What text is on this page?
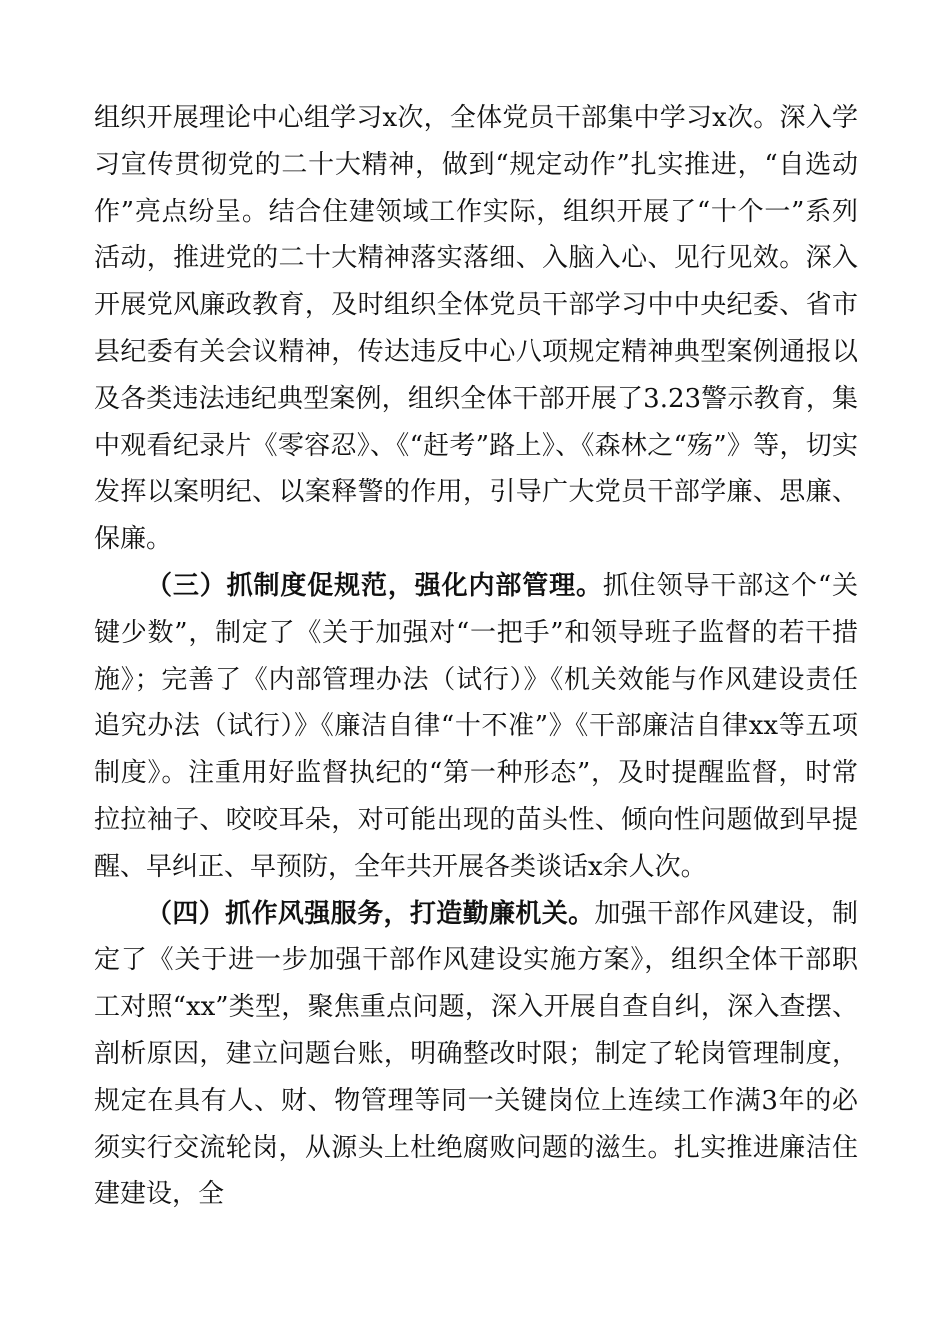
组织开展理论中心组学习x次，全体党员干部集中学习x次。深入学习宣传贯彻党的二十大精神，做到“规定动作”扎实推进，“自选动作”亮点纷呈。结合住建领域工作实际，组织开展了“十个一”系列活动，推进党的二十大精神落实落细、入脑入心、见行见效。深入开展党风廉政教育，及时组织全体党员干部学习中中央纪委、省市县纪委有关会议精神，传达违反中心八项规定精神典型案例通报以及各类违法违纪典型案例，组织全体干部开展了3.23警示教育，集中观看纪录片《零容忍》、《“赶考”路上》、《森林之“殇”》等，切实发挥以案明纪、以案释警的作用，引导广大党员干部学廉、思廉、保廉。

（三）抓制度促规范，强化内部管理。抓住领导干部这个“关键少数”，制定了《关于加强对“一把手”和领导班子监督的若干措施》；完善了《内部管理办法（试行）》《机关效能与作风建设责任追究办法（试行）》《廉洁自律“十不准”》《干部廉洁自律xx等五项制度》。注重用好监督执纪的“第一种形态”，及时提醒监督，时常拉拉袖子、咬咬耳朵，对可能出现的苗头性、倾向性问题做到早提醒、早纠正、早预防，全年共开展各类谈话x余人次。

（四）抓作风强服务，打造勤廉机关。加强干部作风建设，制定了《关于进一步加强干部作风建设实施方案》，组织全体干部职工对照“xx”类型，聚焦重点问题，深入开展自查自纠，深入查摆、剖析原因，建立问题台账，明确整改时限；制定了轮岗管理制度，规定在具有人、财、物管理等同一关键岗位上连续工作满3年的必须实行交流轮岗，从源头上杜绝腐败问题的滋生。扎实推进廉洁住建建设，全
